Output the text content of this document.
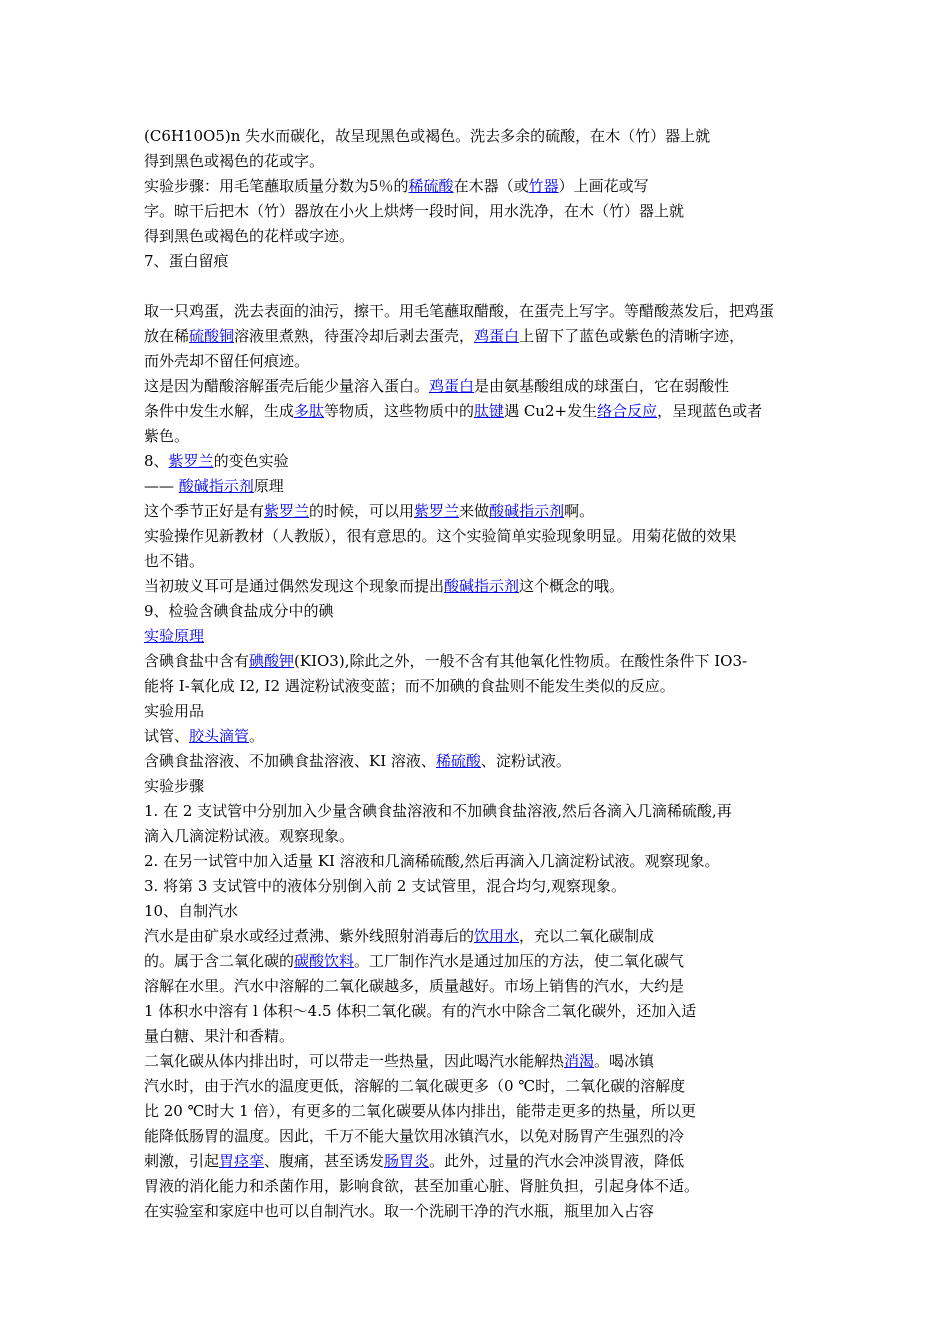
(C6H10O5)n 失水而碳化，故呈现黑色或褐色。洗去多余的硫酸，在木（竹）器上就
得到黑色或褐色的花或字。
实验步骤：用毛笔蘸取质量分数为5％的稀硫酸在木器（或竹器）上画花或写
字。晾干后把木（竹）器放在小火上烘烤一段时间，用水洗净，在木（竹）器上就
得到黑色或褐色的花样或字迹。
7、蛋白留痕
取一只鸡蛋，洗去表面的油污，擦干。用毛笔蘸取醋酸，在蛋壳上写字。等醋酸蒸发后，把鸡蛋
放在稀硫酸铜溶液里煮熟，待蛋冷却后剥去蛋壳，鸡蛋白上留下了蓝色或紫色的清晰字迹，
而外壳却不留任何痕迹。
这是因为醋酸溶解蛋壳后能少量溶入蛋白。鸡蛋白是由氨基酸组成的球蛋白，它在弱酸性
条件中发生水解，生成多肽等物质，这些物质中的肽键遇 Cu2+发生络合反应，呈现蓝色或者
紫色。
8、紫罗兰的变色实验
—— 酸碱指示剂原理
这个季节正好是有紫罗兰的时候，可以用紫罗兰来做酸碱指示剂啊。
实验操作见新教材（人教版），很有意思的。这个实验简单实验现象明显。用菊花做的效果
也不错。
当初玻义耳可是通过偶然发现这个现象而提出酸碱指示剂这个概念的哦。
9、检验含碘食盐成分中的碘
实验原理
含碘食盐中含有碘酸钾(KIO3),除此之外，一般不含有其他氧化性物质。在酸性条件下 IO3-
能将 I-氧化成 I2, I2 遇淀粉试液变蓝；而不加碘的食盐则不能发生类似的反应。
实验用品
试管、胶头滴管。
含碘食盐溶液、不加碘食盐溶液、KI 溶液、稀硫酸、淀粉试液。
实验步骤
1. 在 2 支试管中分别加入少量含碘食盐溶液和不加碘食盐溶液,然后各滴入几滴稀硫酸,再
滴入几滴淀粉试液。观察现象。
2. 在另一试管中加入适量 KI 溶液和几滴稀硫酸,然后再滴入几滴淀粉试液。观察现象。
3. 将第 3 支试管中的液体分别倒入前 2 支试管里，混合均匀,观察现象。
10、自制汽水
汽水是由矿泉水或经过煮沸、紫外线照射消毒后的饮用水，充以二氧化碳制成
的。属于含二氧化碳的碳酸饮料。工厂制作汽水是通过加压的方法，使二氧化碳气
溶解在水里。汽水中溶解的二氧化碳越多，质量越好。市场上销售的汽水，大约是
1 体积水中溶有 l 体积～4.5 体积二氧化碳。有的汽水中除含二氧化碳外，还加入适
量白糖、果汁和香精。
二氧化碳从体内排出时，可以带走一些热量，因此喝汽水能解热消渴。喝冰镇
汽水时，由于汽水的温度更低，溶解的二氧化碳更多（0 ℃时，二氧化碳的溶解度
比 20 ℃时大 1 倍），有更多的二氧化碳要从体内排出，能带走更多的热量，所以更
能降低肠胃的温度。因此，千万不能大量饮用冰镇汽水，以免对肠胃产生强烈的冷
刺激，引起胃痉挛、腹痛，甚至诱发肠胃炎。此外，过量的汽水会冲淡胃液，降低
胃液的消化能力和杀菌作用，影响食欲，甚至加重心脏、肾脏负担，引起身体不适。
在实验室和家庭中也可以自制汽水。取一个洗刷干净的汽水瓶，瓶里加入占容
